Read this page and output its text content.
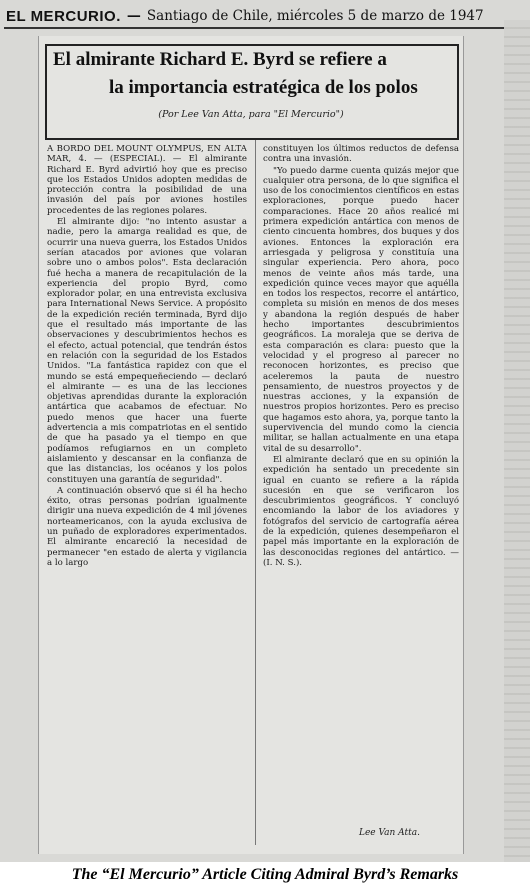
EL MERCURIO. — Santiago de Chile, miércoles 5 de marzo de 1947
El almirante Richard E. Byrd se refiere a
la importancia estratégica de los polos
(Por Lee Van Atta, para "El Mercurio")

A BORDO DEL MOUNT OLYMPUS, EN ALTA MAR, 4. — (ESPECIAL). — El almirante Richard E. Byrd advirtió hoy que es preciso que los Estados Unidos adopten medidas de protección contra la posibilidad de una invasión del país por aviones hostiles procedentes de las regiones polares.

El almirante dijo: "no intento asustar a nadie, pero la amarga realidad es que, de ocurrir una nueva guerra, los Estados Unidos serían atacados por aviones que volaran sobre uno o ambos polos". Esta declaración fué hecha a manera de recapitulación de la experiencia del propio Byrd, como explorador polar, en una entrevista exclusiva para International News Service. A propósito de la expedición recién terminada, Byrd dijo que el resultado más importante de las observaciones y descubrimientos hechos es el efecto, actual potencial, que tendrán éstos en relación con la seguridad de los Estados Unidos. "La fantástica rapidez con que el mundo se está empequeñeciendo — declaró el almirante — es una de las lecciones objetivas aprendidas durante la exploración antártica que acabamos de efectuar. No puedo menos que hacer una fuerte advertencia a mis compatriotas en el sentido de que ha pasado ya el tiempo en que podíamos refugiarnos en un completo aislamiento y descansar en la confianza de que las distancias, los océanos y los polos constituyen una garantía de seguridad".

A continuación observó que si él ha hecho éxito, otras personas podrían igualmente dirigir una nueva expedición de 4 mil jóvenes norteamericanos, con la ayuda exclusiva de un puñado de exploradores experimentados. El almirante encareció la necesidad de permanecer "en estado de alerta y vigilancia a lo largo

constituyen los últimos reductos de defensa contra una invasión.

"Yo puedo darme cuenta quizás mejor que cualquier otra persona, de lo que significa el uso de los conocimientos científicos en estas exploraciones, porque puedo hacer comparaciones. Hace 20 años realicé mi primera expedición antártica con menos de ciento cincuenta hombres, dos buques y dos aviones. Entonces la exploración era arriesgada y peligrosa y constituía una singular experiencia. Pero ahora, poco menos de veinte años más tarde, una expedición quince veces mayor que aquélla en todos los respectos, recorre el antártico, completa su misión en menos de dos meses y abandona la región después de haber hecho importantes descubrimientos geográficos. La moraleja que se deriva de esta comparación es clara: puesto que la velocidad y el progreso al parecer no reconocen horizontes, es preciso que aceleremos la pauta de nuestro pensamiento, de nuestros proyectos y de nuestras acciones, y la expansión de nuestros propios horizontes. Pero es preciso que hagamos esto ahora, ya, porque tanto la supervivencia del mundo como la ciencia militar, se hallan actualmente en una etapa vital de su desarrollo".

El almirante declaró que en su opinión la expedición ha sentado un precedente sin igual en cuanto se refiere a la rápida sucesión en que se verificaron los descubrimientos geográficos. Y concluyó encomiando la labor de los aviadores y fotógrafos del servicio de cartografía aérea de la expedición, quienes desempeñaron el papel más importante en la exploración de las desconocidas regiones del antártico. — (I. N. S.).

Lee Van Atta.
The “El Mercurio” Article Citing Admiral Byrd’s Remarks
